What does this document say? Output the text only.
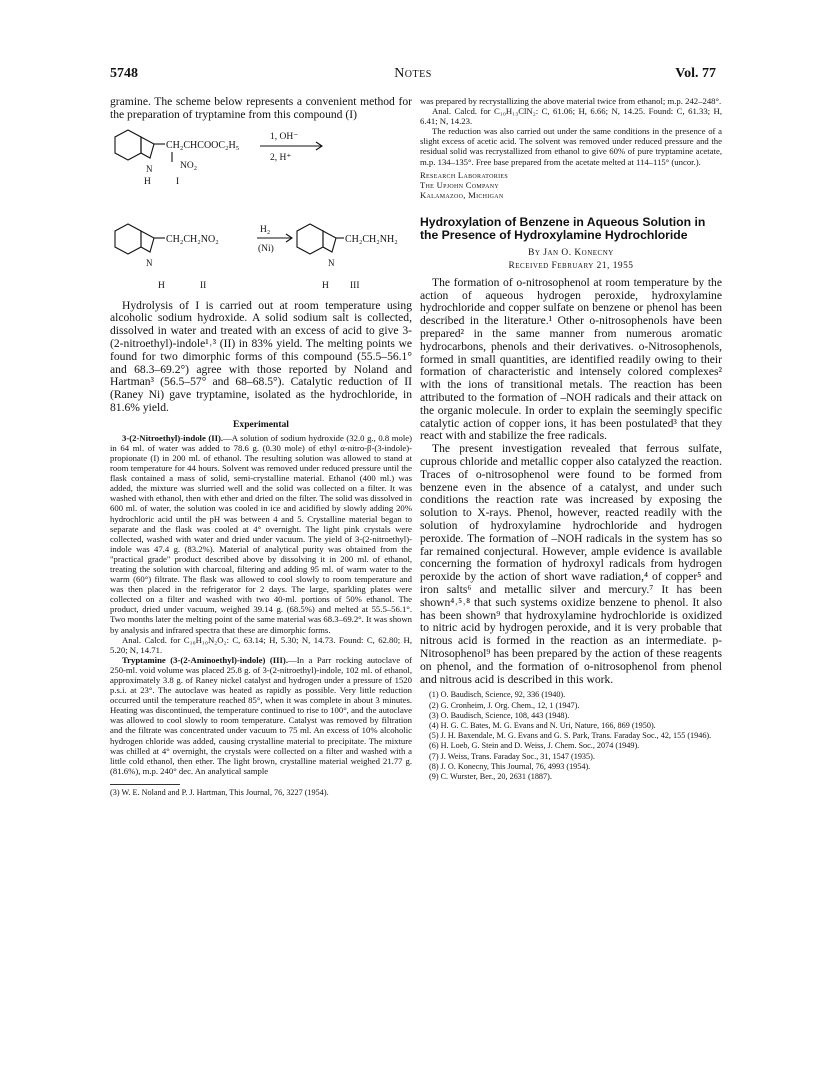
5748	Notes	Vol. 77

gramine. The scheme below represents a convenient method for the preparation of tryptamine from this compound (I)

CH₂CHCOOC₂H₅
NO₂
N
1, OH⁻
2, H⁺
H	I
CH₂CH₂NO₂
N
H₂
(Ni)
CH₂CH₂NH₂
N
H	II	H III

Hydrolysis of I is carried out at room temperature using alcoholic sodium hydroxide. A solid sodium salt is collected, dissolved in water and treated with an excess of acid to give 3-(2-nitroethyl)-indole¹˒³ (II) in 83% yield. The melting points we found for two dimorphic forms of this compound (55.5–56.1° and 68.3–69.2°) agree with those reported by Noland and Hartman³ (56.5–57° and 68–68.5°). Catalytic reduction of II (Raney Ni) gave tryptamine, isolated as the hydrochloride, in 81.6% yield.

Experimental

3-(2-Nitroethyl)-indole (II).—A solution of sodium hydroxide (32.0 g., 0.8 mole) in 64 ml. of water was added to 78.6 g. (0.30 mole) of ethyl α-nitro-β-(3-indole)-propionate (I) in 200 ml. of ethanol. The resulting solution was allowed to stand at room temperature for 44 hours. Solvent was removed under reduced pressure until the flask contained a mass of solid, semi-crystalline material. Ethanol (400 ml.) was added, the mixture was slurried well and the solid was collected on a filter. It was washed with ethanol, then with ether and dried on the filter. The solid was dissolved in 600 ml. of water, the solution was cooled in ice and acidified by slowly adding 20% hydrochloric acid until the pH was between 4 and 5. Crystalline material began to separate and the flask was cooled at 4° overnight. The light pink crystals were collected, washed with water and dried under vacuum. The yield of 3-(2-nitroethyl)-indole was 47.4 g. (83.2%). Material of analytical purity was obtained from the "practical grade" product described above by dissolving it in 200 ml. of ethanol, treating the solution with charcoal, filtering and adding 95 ml. of warm water to the warm (60°) filtrate. The flask was allowed to cool slowly to room temperature and was then placed in the refrigerator for 2 days. The large, sparkling plates were collected on a filter and washed with two 40-ml. portions of 50% ethanol. The product, dried under vacuum, weighed 39.14 g. (68.5%) and melted at 55.5–56.1°. Two months later the melting point of the same material was 68.3–69.2°. It was shown by analysis and infrared spectra that these are dimorphic forms.

Anal. Calcd. for C₁₀H₁₀N₂O₂: C, 63.14; H, 5.30; N, 14.73. Found: C, 62.80; H, 5.20; N, 14.71.

Tryptamine (3-(2-Aminoethyl)-indole) (III).—In a Parr rocking autoclave of 250-ml. void volume was placed 25.8 g. of 3-(2-nitroethyl)-indole, 102 ml. of ethanol, approximately 3.8 g. of Raney nickel catalyst and hydrogen under a pressure of 1520 p.s.i. at 23°. The autoclave was heated as rapidly as possible. Very little reduction occurred until the temperature reached 85°, when it was complete in about 3 minutes. Heating was discontinued, the temperature continued to rise to 100°, and the autoclave was allowed to cool slowly to room temperature. Catalyst was removed by filtration and the filtrate was concentrated under vacuum to 75 ml. An excess of 10% alcoholic hydrogen chloride was added, causing crystalline material to precipitate. The mixture was chilled at 4° overnight, the crystals were collected on a filter and washed with a little cold ethanol, then ether. The light brown, crystalline material weighed 21.77 g. (81.6%), m.p. 240° dec. An analytical sample

(3) W. E. Noland and P. J. Hartman, This Journal, 76, 3227 (1954).

was prepared by recrystallizing the above material twice from ethanol; m.p. 242–248°.

Anal. Calcd. for C₁₀H₁₃ClN₂: C, 61.06; H, 6.66; N, 14.25. Found: C, 61.33; H, 6.41; N, 14.23.

The reduction was also carried out under the same conditions in the presence of a slight excess of acetic acid. The solvent was removed under reduced pressure and the residual solid was recrystallized from ethanol to give 60% of pure tryptamine acetate, m.p. 134–135°. Free base prepared from the acetate melted at 114–115° (uncor.).

Research Laboratories
The Upjohn Company
Kalamazoo, Michigan
Hydroxylation of Benzene in Aqueous Solution in the Presence of Hydroxylamine Hydrochloride
By Jan O. Konecny
Received February 21, 1955

The formation of o-nitrosophenol at room temperature by the action of aqueous hydrogen peroxide, hydroxylamine hydrochloride and copper sulfate on benzene or phenol has been described in the literature.¹ Other o-nitrosophenols have been prepared² in the same manner from numerous aromatic hydrocarbons, phenols and their derivatives. o-Nitrosophenols, formed in small quantities, are identified readily owing to their formation of characteristic and intensely colored complexes² with the ions of transitional metals. The reaction has been attributed to the formation of –NOH radicals and their attack on the organic molecule. In order to explain the seemingly specific catalytic action of copper ions, it has been postulated³ that they react with and stabilize the free radicals.

The present investigation revealed that ferrous sulfate, cuprous chloride and metallic copper also catalyzed the reaction. Traces of o-nitrosophenol were found to be formed from benzene even in the absence of a catalyst, and under such conditions the reaction rate was increased by exposing the solution to X-rays. Phenol, however, reacted readily with the solution of hydroxylamine hydrochloride and hydrogen peroxide. The formation of –NOH radicals in the system has so far remained conjectural. However, ample evidence is available concerning the formation of hydroxyl radicals from hydrogen peroxide by the action of short wave radiation,⁴ of copper⁵ and iron salts⁶ and metallic silver and mercury.⁷ It has been shown⁴˒⁵˒⁸ that such systems oxidize benzene to phenol. It also has been shown⁹ that hydroxylamine hydrochloride is oxidized to nitric acid by hydrogen peroxide, and it is very probable that nitrous acid is formed in the reaction as an intermediate. p-Nitrosophenol⁹ has been prepared by the action of these reagents on phenol, and the formation of o-nitrosophenol from phenol and nitrous acid is described in this work.

(1) O. Baudisch, Science, 92, 336 (1940).
(2) G. Cronheim, J. Org. Chem., 12, 1 (1947).
(3) O. Baudisch, Science, 108, 443 (1948).
(4) H. G. C. Bates, M. G. Evans and N. Uri, Nature, 166, 869 (1950).
(5) J. H. Baxendale, M. G. Evans and G. S. Park, Trans. Faraday Soc., 42, 155 (1946).
(6) H. Loeb, G. Stein and D. Weiss, J. Chem. Soc., 2074 (1949).
(7) J. Weiss, Trans. Faraday Soc., 31, 1547 (1935).
(8) J. O. Konecny, This Journal, 76, 4993 (1954).
(9) C. Wurster, Ber., 20, 2631 (1887).
